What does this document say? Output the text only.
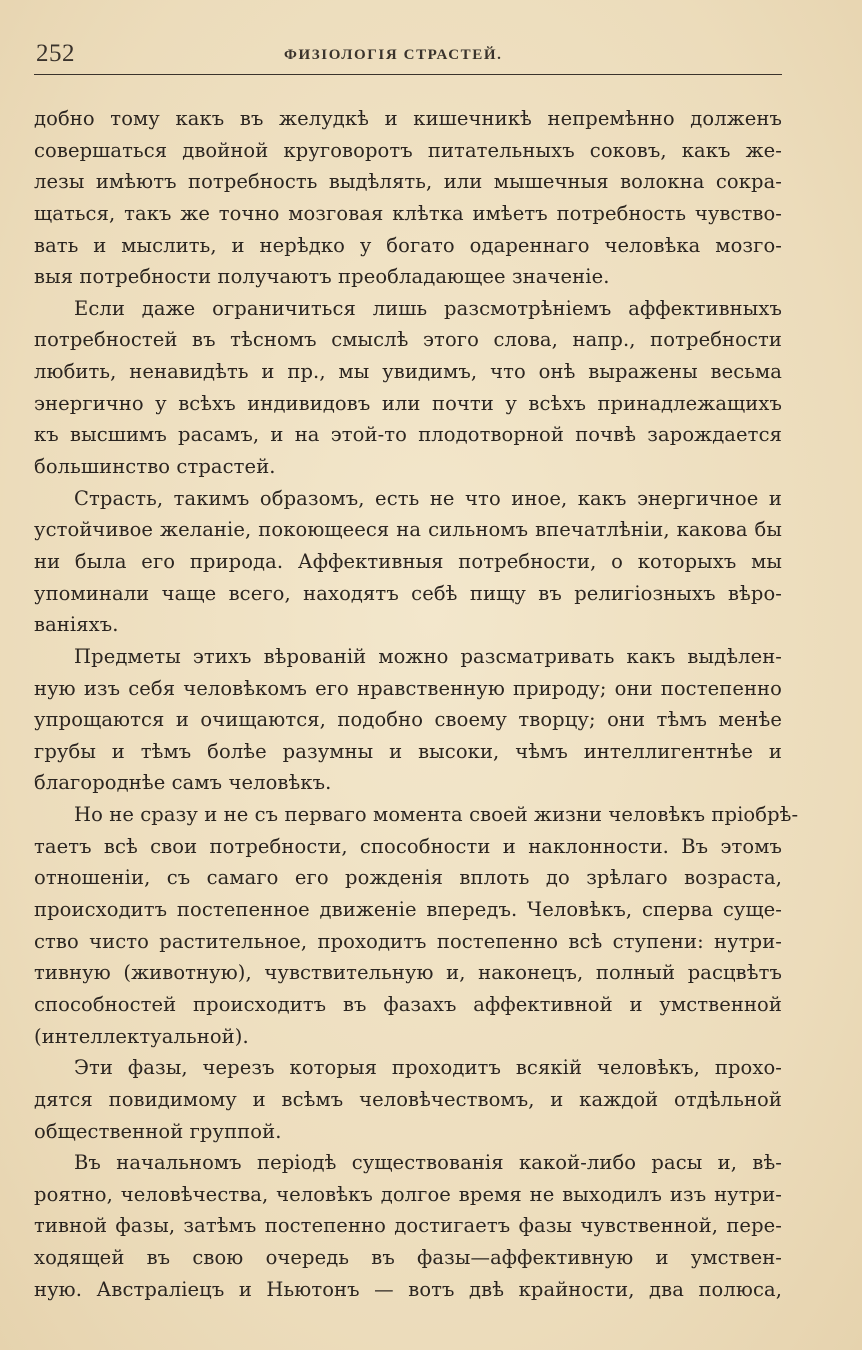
252	ФИЗІОЛОГІЯ СТРАСТЕЙ.
добно тому какъ въ желудкѣ и кишечникѣ непремѣнно долженъ
совершаться двойной круговоротъ питательныхъ соковъ, какъ же-
лезы имѣютъ потребность выдѣлять, или мышечныя волокна сокра-
щаться, такъ же точно мозговая клѣтка имѣетъ потребность чувство-
вать и мыслить, и нерѣдко у богато одареннаго человѣка мозго-
выя потребности получаютъ преобладающее значеніе.
Если даже ограничиться лишь разсмотрѣніемъ аффективныхъ
потребностей въ тѣсномъ смыслѣ этого слова, напр., потребности
любить, ненавидѣть и пр., мы увидимъ, что онѣ выражены весьма
энергично у всѣхъ индивидовъ или почти у всѣхъ принадлежащихъ
къ высшимъ расамъ, и на этой-то плодотворной почвѣ зарождается
большинство страстей.
Страсть, такимъ образомъ, есть не что иное, какъ энергичное и
устойчивое желаніе, покоющееся на сильномъ впечатлѣніи, какова бы
ни была его природа. Аффективныя потребности, о которыхъ мы
упоминали чаще всего, находятъ себѣ пищу въ религіозныхъ вѣро-
ваніяхъ.
Предметы этихъ вѣрованій можно разсматривать какъ выдѣлен-
ную изъ себя человѣкомъ его нравственную природу; они постепенно
упрощаются и очищаются, подобно своему творцу; они тѣмъ менѣе
грубы и тѣмъ болѣе разумны и высоки, чѣмъ интеллигентнѣе и
благороднѣе самъ человѣкъ.
Но не сразу и не съ перваго момента своей жизни человѣкъ пріобрѣ-
таетъ всѣ свои потребности, способности и наклонности. Въ этомъ
отношеніи, съ самаго его рожденія вплоть до зрѣлаго возраста,
происходитъ постепенное движеніе впередъ. Человѣкъ, сперва суще-
ство чисто растительное, проходитъ постепенно всѣ ступени: нутри-
тивную (животную), чувствительную и, наконецъ, полный расцвѣтъ
способностей происходитъ въ фазахъ аффективной и умственной
(интеллектуальной).
Эти фазы, черезъ которыя проходитъ всякій человѣкъ, прохо-
дятся повидимому и всѣмъ человѣчествомъ, и каждой отдѣльной
общественной группой.
Въ начальномъ періодѣ существованія какой-либо расы и, вѣ-
роятно, человѣчества, человѣкъ долгое время не выходилъ изъ нутри-
тивной фазы, затѣмъ постепенно достигаетъ фазы чувственной, пере-
ходящей въ свою очередь въ фазы—аффективную и умствен-
ную. Австраліецъ и Ньютонъ — вотъ двѣ крайности, два полюса,
